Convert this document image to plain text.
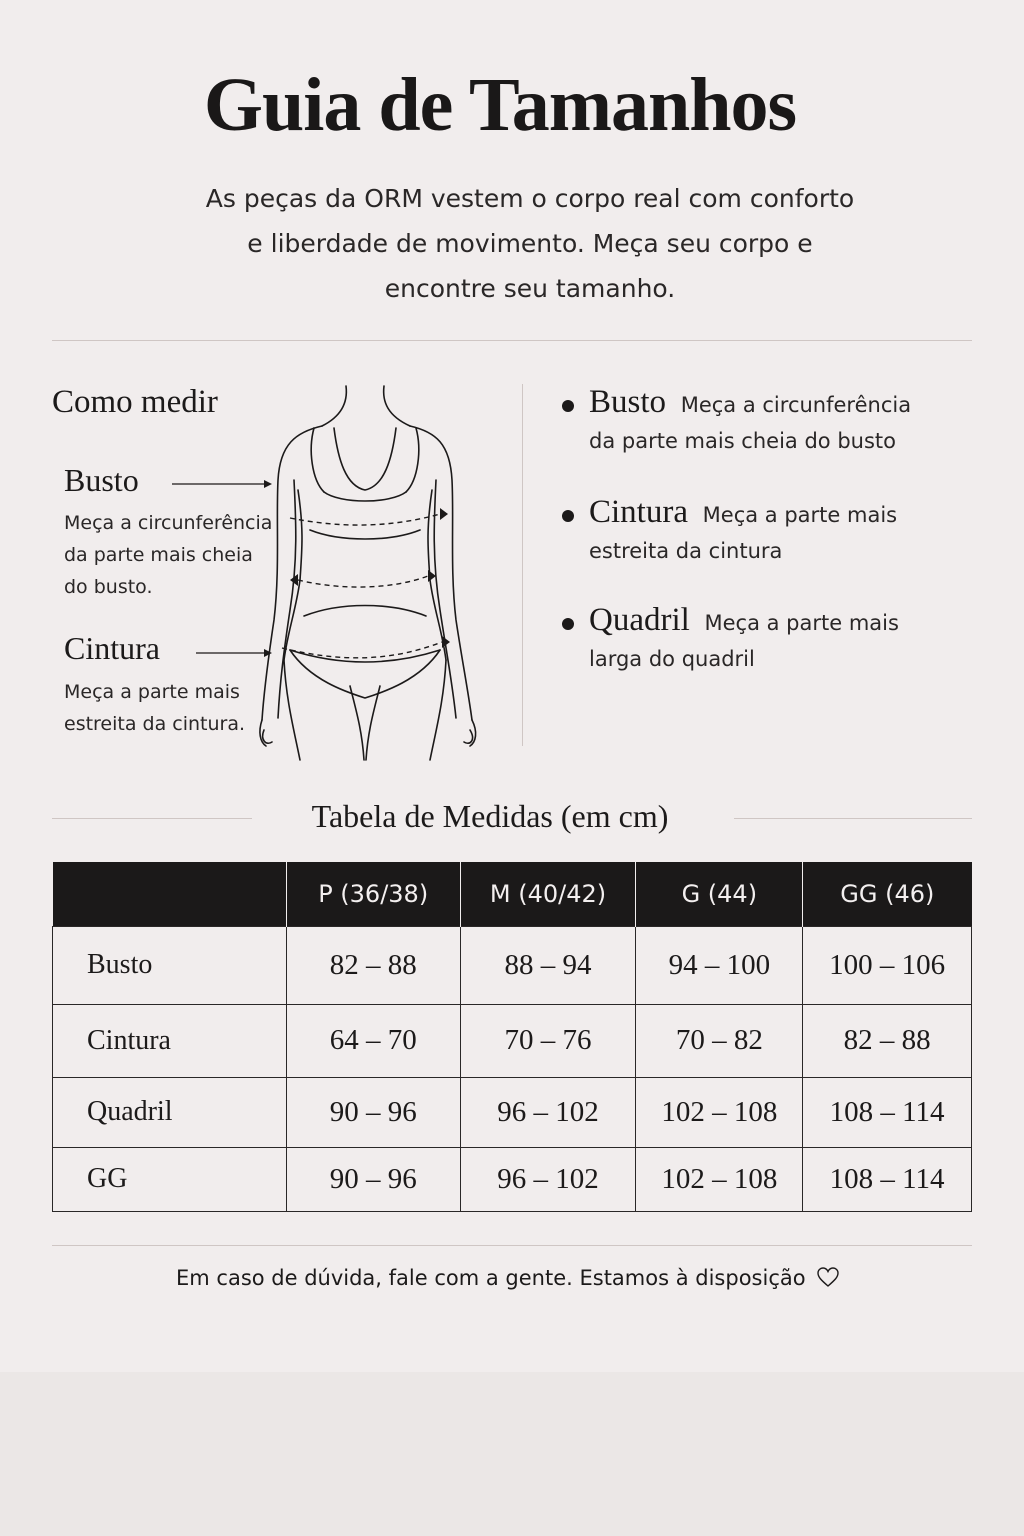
Guia de Tamanhos
As peças da ORM vestem o corpo real com conforto
e liberdade de movimento. Meça seu corpo e
encontre seu tamanho.
Como medir
Busto
Meça a circunferência
da parte mais cheia
do busto.
Cintura
Meça a parte mais
estreita da cintura.
Busto Meça a circunferência
da parte mais cheia do busto
Cintura Meça a parte mais
estreita da cintura
Quadril Meça a parte mais
larga do quadril
Tabela de Medidas (em cm)
	P (36/38)	M (40/42)	G (44)	GG (46)
Busto	82 – 88	88 – 94	94 – 100	100 – 106
Cintura	64 – 70	70 – 76	70 – 82	82 – 88
Quadril	90 – 96	96 – 102	102 – 108	108 – 114
GG	90 – 96	96 – 102	102 – 108	108 – 114
Em caso de dúvida, fale com a gente. Estamos à disposição
